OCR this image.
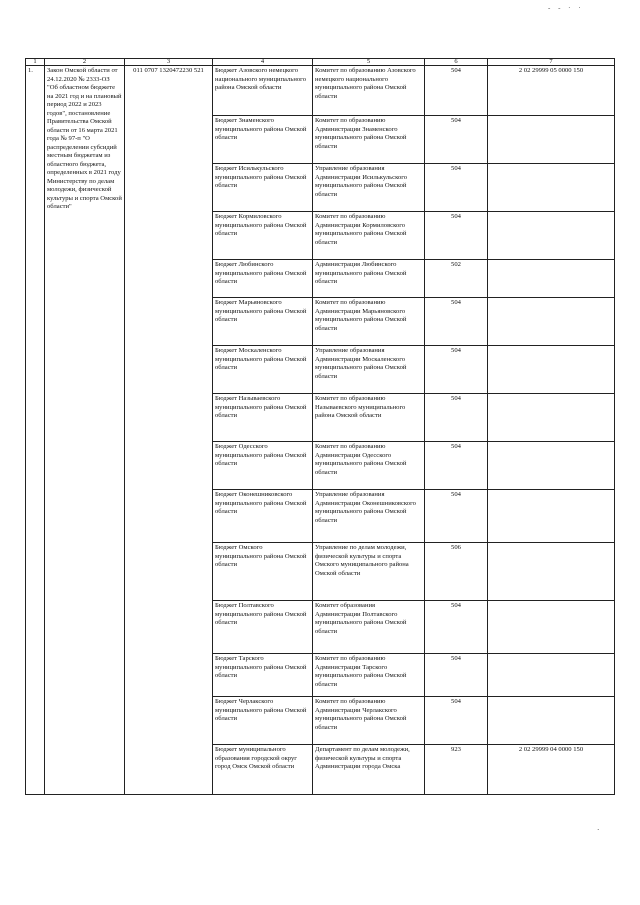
- - · ·
1	2	3	4	5	6	7
1.	Закон Омской области от 24.12.2020 № 2333-ОЗ "Об областном бюджете на 2021 год и на плановый период 2022 и 2023 годов", постановление Правительства Омской области от 16 марта 2021 года № 97-п "О распределении субсидий местным бюджетам из областного бюджета, определенных в 2021 году Министерству по делам молодежи, физической культуры и спорта Омской области"	011 0707 1320472230 521	Бюджет Азовского немецкого национального муниципального района Омской области	Комитет по образованию Азовского немецкого национального муниципального района Омской области	504	2 02 29999 05 0000 150
			Бюджет Знаменского муниципального района Омской области	Комитет по образованию Администрации Знаменского муниципального района Омской области	504	
			Бюджет Исилькульского муниципального района Омской области	Управление образования Администрации Исилькульского муниципального района Омской области	504	
			Бюджет Кормиловского муниципального района Омской области	Комитет по образованию Администрации Кормиловского муниципального района Омской области	504	
			Бюджет Любинского муниципального района Омской области	Администрация Любинского муниципального района Омской области	502	
			Бюджет Марьяновского муниципального района Омской области	Комитет по образованию Администрации Марьяновского муниципального района Омской области	504	
			Бюджет Москаленского муниципального района Омской области	Управление образования Администрации Москаленского муниципального района Омской области	504	
			Бюджет Называевского муниципального района Омской области	Комитет по образованию Называевского муниципального района Омской области	504	
			Бюджет Одесского муниципального района Омской области	Комитет по образованию Администрации Одесского муниципального района Омской области	504	
			Бюджет Оконешниковского муниципального района Омской области	Управление образования Администрации Оконешниковского муниципального района Омской области	504	
			Бюджет Омского муниципального района Омской области	Управление по делам молодежи, физической культуры и спорта Омского муниципального района Омской области	506	
			Бюджет Полтавского муниципального района Омской области	Комитет образования Администрации Полтавского муниципального района Омской области	504	
			Бюджет Тарского муниципального района Омской области	Комитет по образованию Администрации Тарского муниципального района Омской области	504	
			Бюджет Черлакского муниципального района Омской области	Комитет по образованию Администрации Черлакского муниципального района Омской области	504	
			Бюджет муниципального образования городской округ город Омск Омской области	Департамент по делам молодежи, физической культуры и спорта Администрации города Омска	923	2 02 29999 04 0000 150
·
